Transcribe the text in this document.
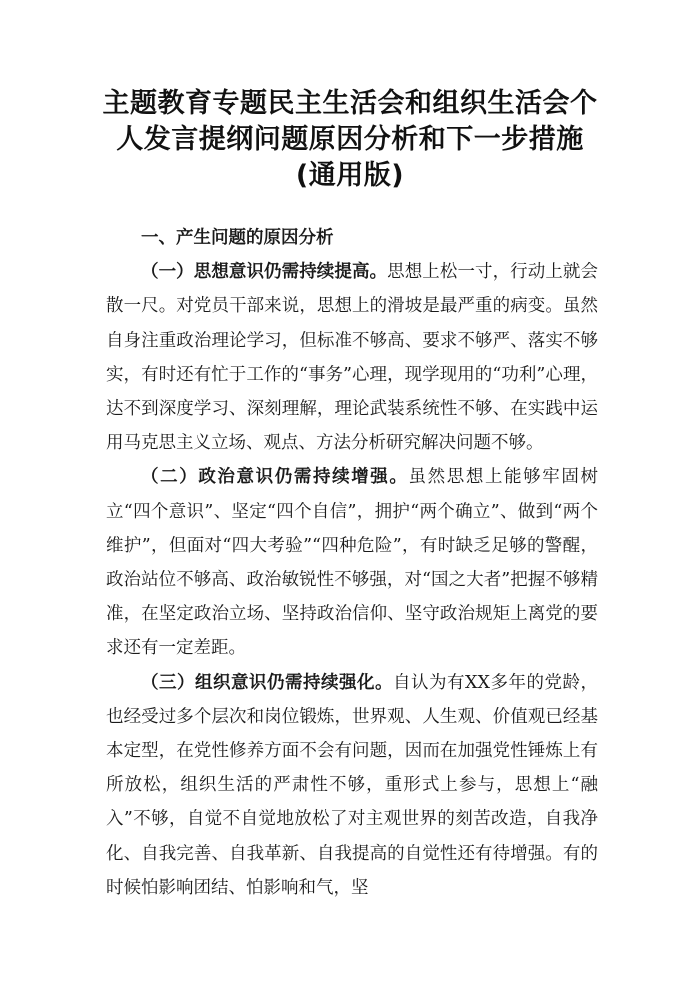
主题教育专题民主生活会和组织生活会个
人发言提纲问题原因分析和下一步措施
(通用版)

一、产生问题的原因分析

（一）思想意识仍需持续提高。思想上松一寸，行动上就会散一尺。对党员干部来说，思想上的滑坡是最严重的病变。虽然自身注重政治理论学习，但标准不够高、要求不够严、落实不够实，有时还有忙于工作的“事务”心理，现学现用的“功利”心理，达不到深度学习、深刻理解，理论武装系统性不够、在实践中运用马克思主义立场、观点、方法分析研究解决问题不够。

（二）政治意识仍需持续增强。虽然思想上能够牢固树立“四个意识”、坚定“四个自信”，拥护“两个确立”、做到“两个维护”，但面对“四大考验”“四种危险”，有时缺乏足够的警醒，政治站位不够高、政治敏锐性不够强，对“国之大者”把握不够精准，在坚定政治立场、坚持政治信仰、坚守政治规矩上离党的要求还有一定差距。

（三）组织意识仍需持续强化。自认为有XX多年的党龄，也经受过多个层次和岗位锻炼，世界观、人生观、价值观已经基本定型，在党性修养方面不会有问题，因而在加强党性锤炼上有所放松，组织生活的严肃性不够，重形式上参与，思想上“融入”不够，自觉不自觉地放松了对主观世界的刻苦改造，自我净化、自我完善、自我革新、自我提高的自觉性还有待增强。有的时候怕影响团结、怕影响和气，坚
